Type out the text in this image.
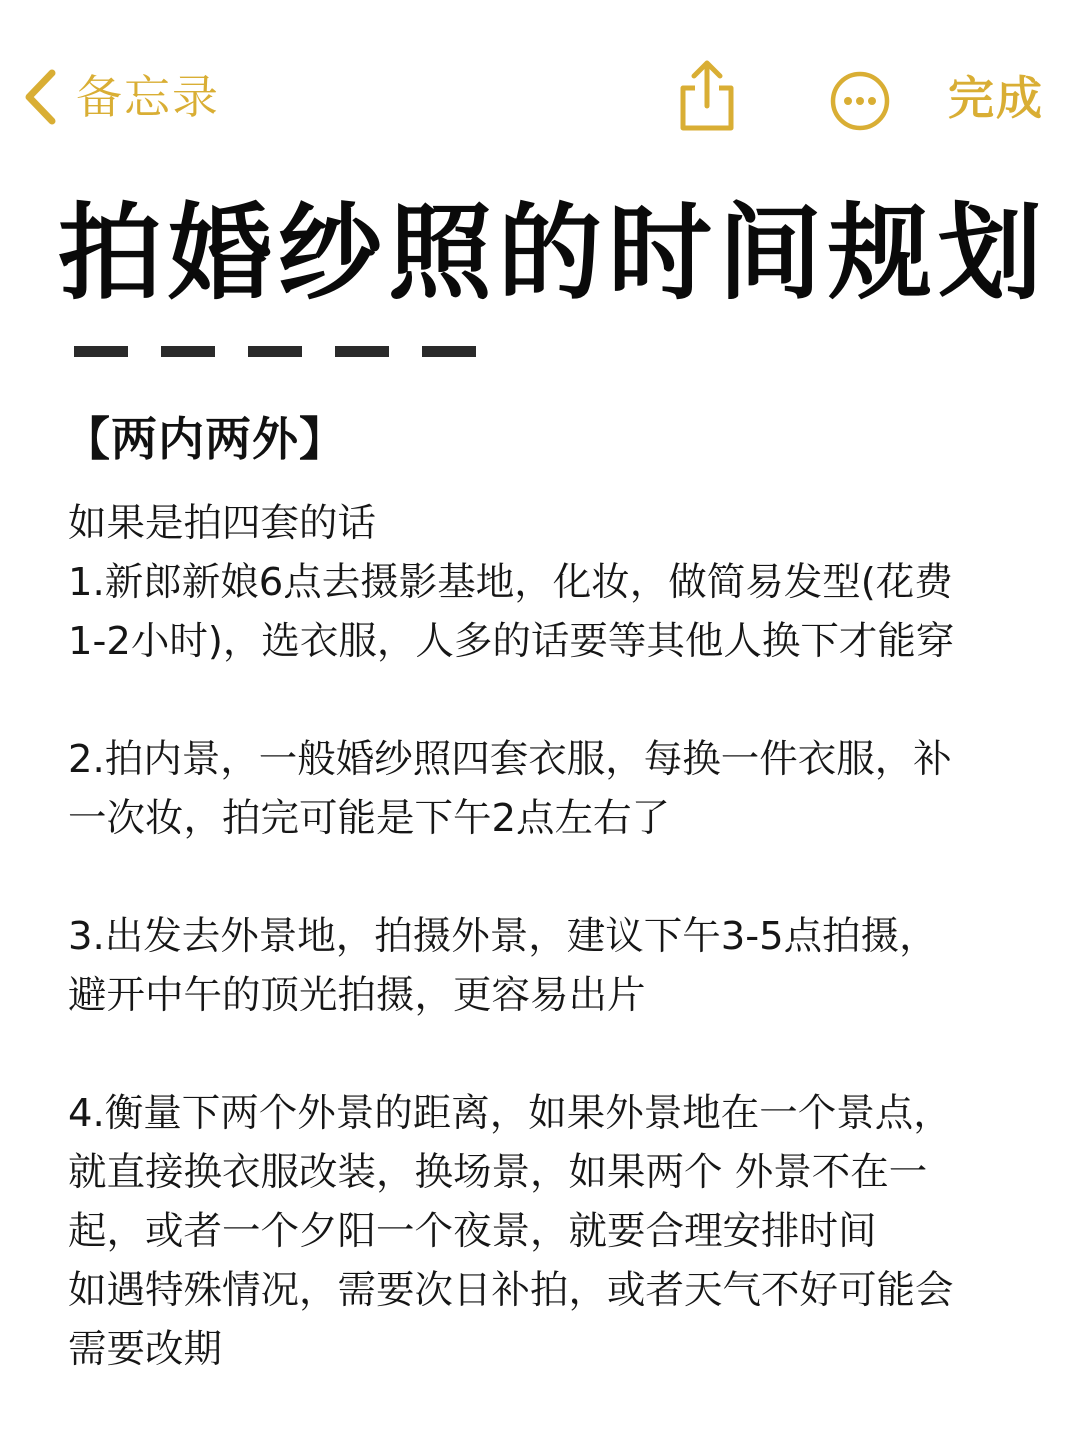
备忘录	完成
拍婚纱照的时间规划
【两内两外】

如果是拍四套的话

1.新郎新娘6点去摄影基地，化妆，做简易发型(花费

1-2小时)，选衣服，人多的话要等其他人换下才能穿

2.拍内景，一般婚纱照四套衣服，每换一件衣服，补

一次妆，拍完可能是下午2点左右了

3.出发去外景地，拍摄外景，建议下午3-5点拍摄，

避开中午的顶光拍摄，更容易出片

4.衡量下两个外景的距离，如果外景地在一个景点，

就直接换衣服改装，换场景，如果两个 外景不在一

起，或者一个夕阳一个夜景，就要合理安排时间

如遇特殊情况，需要次日补拍，或者天气不好可能会

需要改期
